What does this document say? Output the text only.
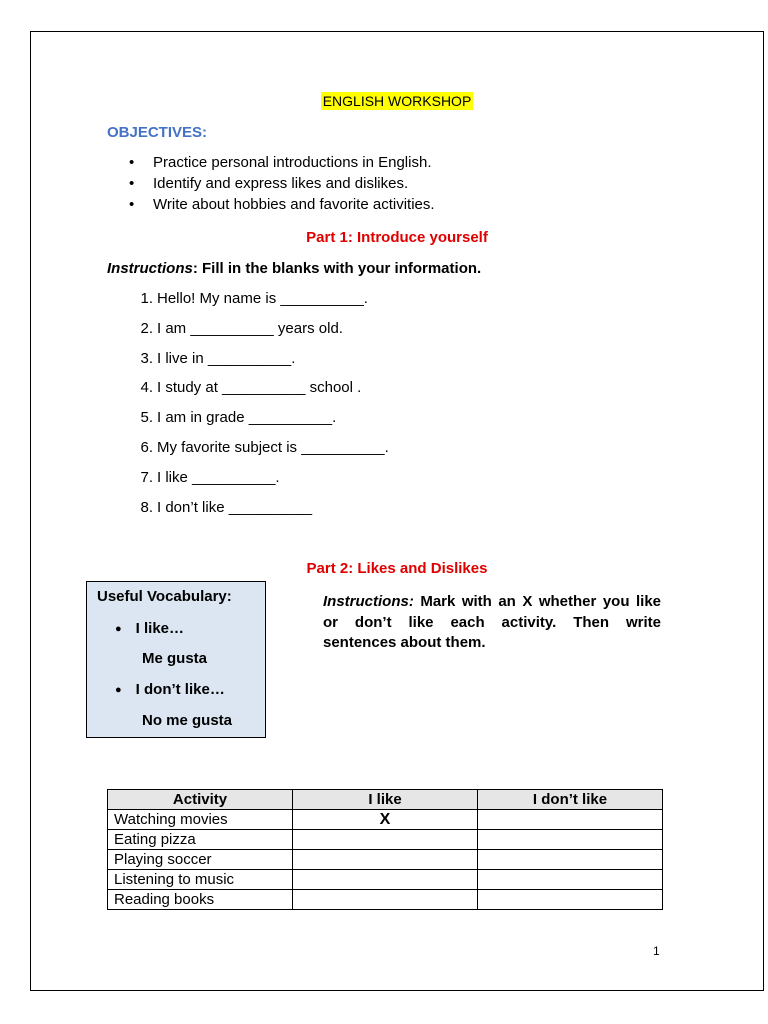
ENGLISH WORKSHOP
OBJECTIVES:
• Practice personal introductions in English.
• Identify and express likes and dislikes.
• Write about hobbies and favorite activities.
Part 1: Introduce yourself
Instructions: Fill in the blanks with your information.
1. Hello! My name is __________.
2. I am __________ years old.
3. I live in __________.
4. I study at __________ school .
5. I am in grade __________.
6. My favorite subject is __________.
7. I like __________.
8. I don’t like __________
Part 2: Likes and Dislikes
Useful Vocabulary:
● I like…
Me gusta
● I don’t like…
No me gusta
Instructions: Mark with an X whether you like or don’t like each activity. Then write sentences about them.
Activity	I like	I don’t like
Watching movies	X	
Eating pizza		
Playing soccer		
Listening to music		
Reading books		
1
